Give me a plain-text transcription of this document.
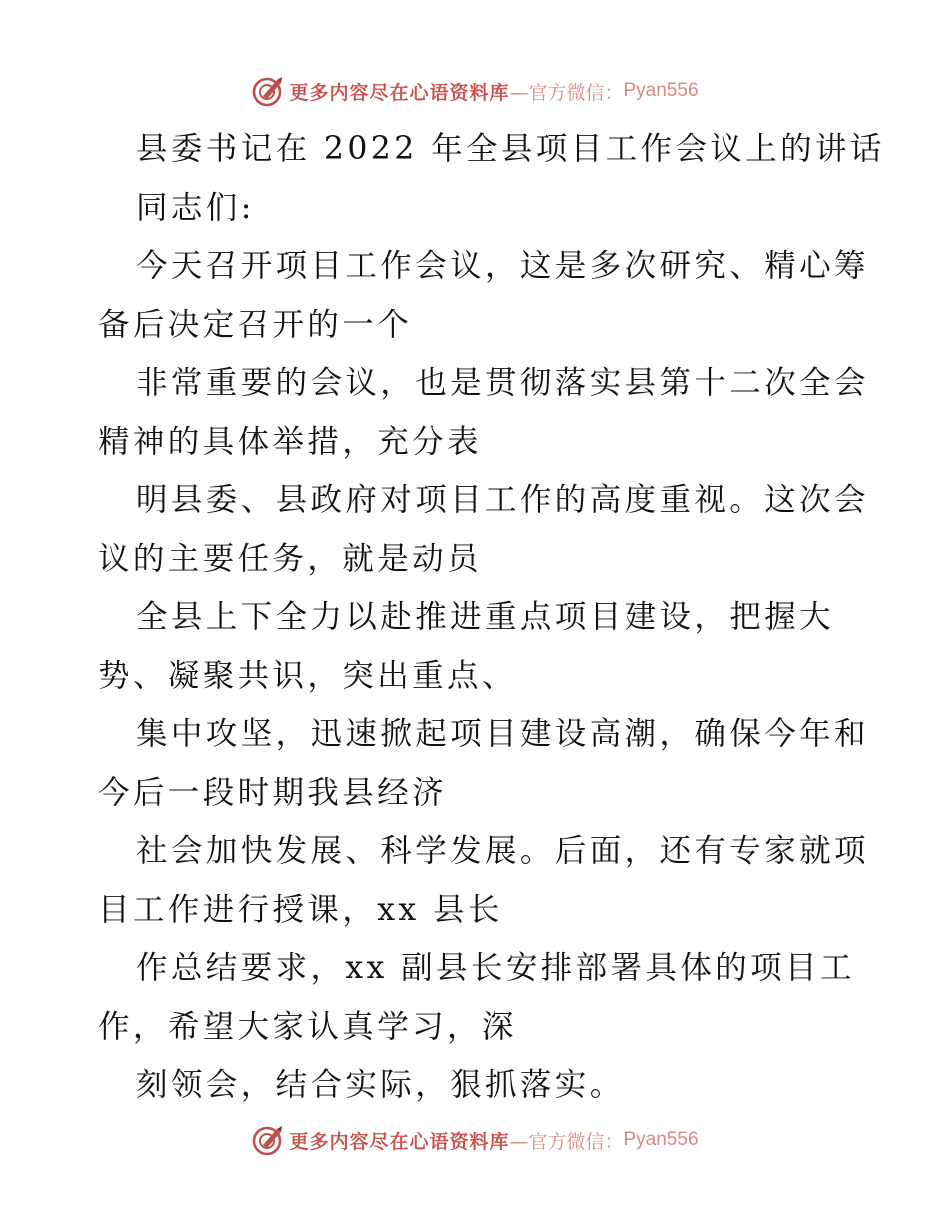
更多内容尽在心语资料库 —官方微信： Pyan556
县委书记在 2022 年全县项目工作会议上的讲话
同志们:
今天召开项目工作会议，这是多次研究、精心筹
备后决定召开的一个
非常重要的会议，也是贯彻落实县第十二次全会
精神的具体举措，充分表
明县委、县政府对项目工作的高度重视。这次会
议的主要任务，就是动员
全县上下全力以赴推进重点项目建设，把握大
势、凝聚共识，突出重点、
集中攻坚，迅速掀起项目建设高潮，确保今年和
今后一段时期我县经济
社会加快发展、科学发展。后面，还有专家就项
目工作进行授课，xx 县长
作总结要求，xx 副县长安排部署具体的项目工
作，希望大家认真学习，深
刻领会，结合实际，狠抓落实。
更多内容尽在心语资料库 —官方微信： Pyan556
